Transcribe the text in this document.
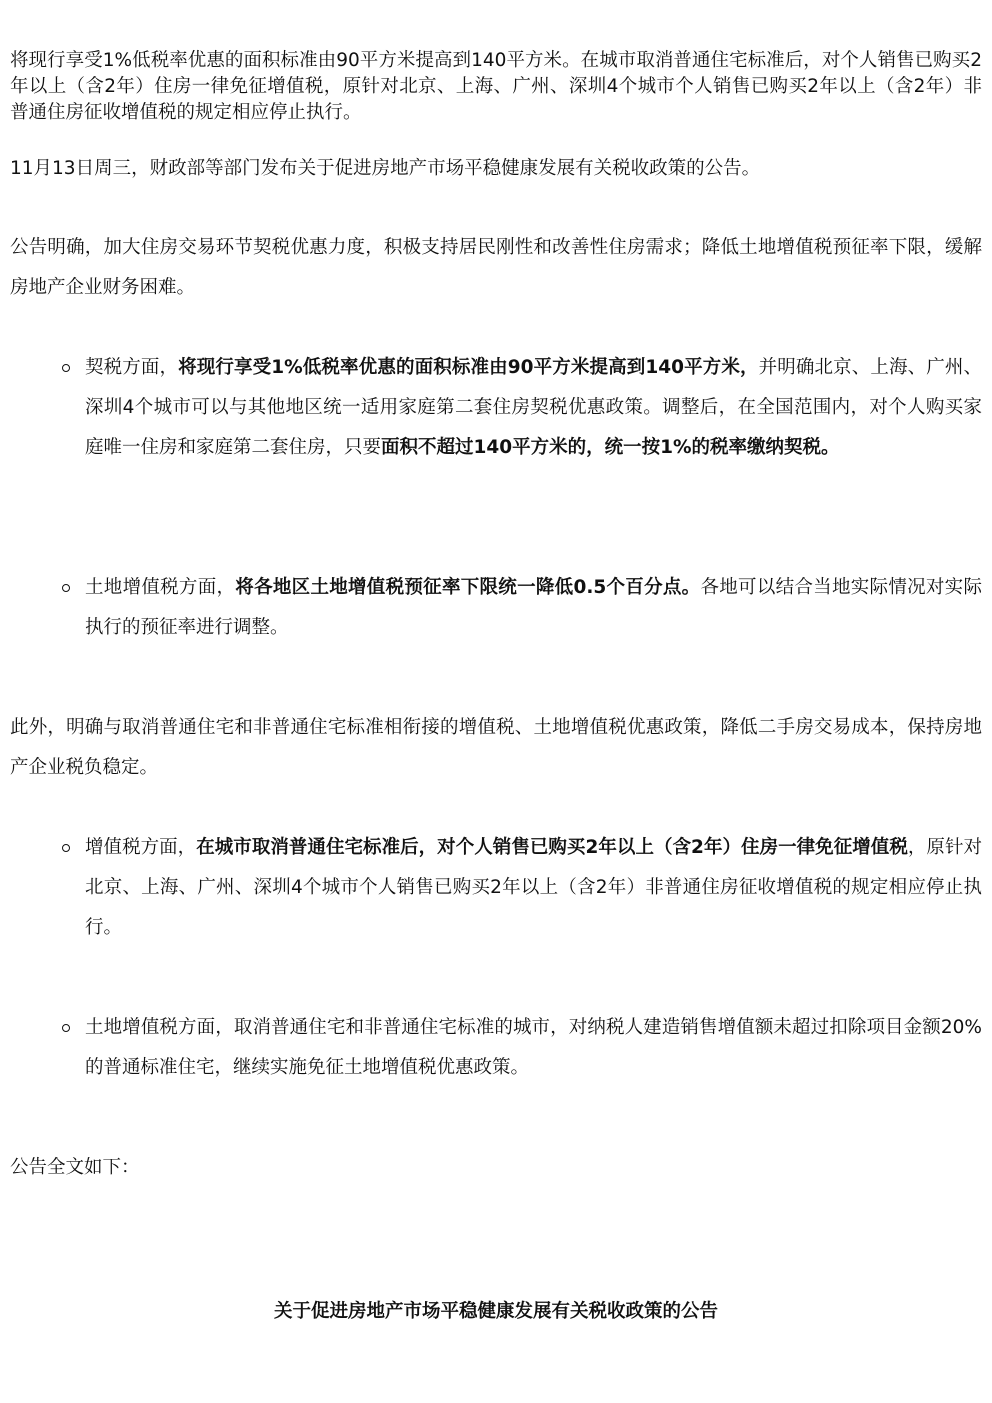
将现行享受1%低税率优惠的面积标准由90平方米提高到140平方米。在城市取消普通住宅标准后，对个人销售已购买2年以上（含2年）住房一律免征增值税，原针对北京、上海、广州、深圳4个城市个人销售已购买2年以上（含2年）非普通住房征收增值税的规定相应停止执行。

11月13日周三，财政部等部门发布关于促进房地产市场平稳健康发展有关税收政策的公告。

公告明确，加大住房交易环节契税优惠力度，积极支持居民刚性和改善性住房需求；降低土地增值税预征率下限，缓解房地产企业财务困难。

契税方面，将现行享受1%低税率优惠的面积标准由90平方米提高到140平方米，并明确北京、上海、广州、深圳4个城市可以与其他地区统一适用家庭第二套住房契税优惠政策。调整后，在全国范围内，对个人购买家庭唯一住房和家庭第二套住房，只要面积不超过140平方米的，统一按1%的税率缴纳契税。

土地增值税方面，将各地区土地增值税预征率下限统一降低0.5个百分点。各地可以结合当地实际情况对实际执行的预征率进行调整。

此外，明确与取消普通住宅和非普通住宅标准相衔接的增值税、土地增值税优惠政策，降低二手房交易成本，保持房地产企业税负稳定。

增值税方面，在城市取消普通住宅标准后，对个人销售已购买2年以上（含2年）住房一律免征增值税，原针对北京、上海、广州、深圳4个城市个人销售已购买2年以上（含2年）非普通住房征收增值税的规定相应停止执行。

土地增值税方面，取消普通住宅和非普通住宅标准的城市，对纳税人建造销售增值额未超过扣除项目金额20%的普通标准住宅，继续实施免征土地增值税优惠政策。

公告全文如下：

关于促进房地产市场平稳健康发展有关税收政策的公告
